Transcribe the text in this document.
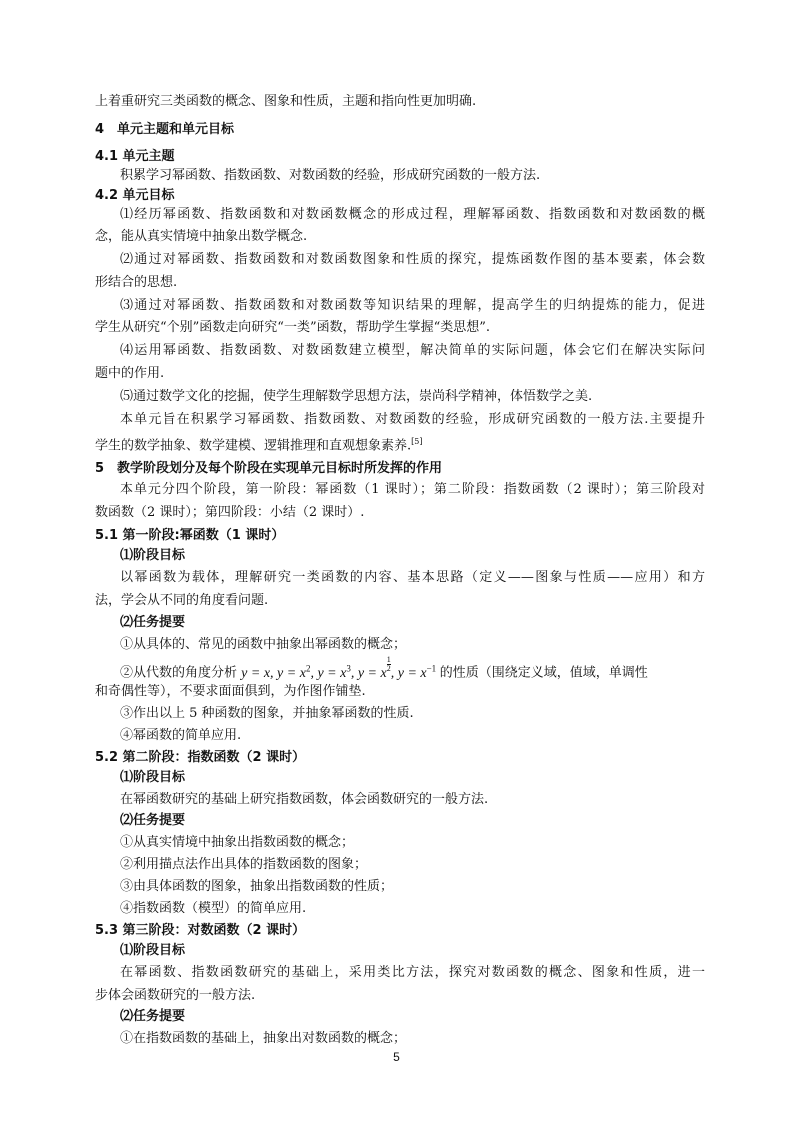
上着重研究三类函数的概念、图象和性质，主题和指向性更加明确.
4　单元主题和单元目标
4.1 单元主题
积累学习幂函数、指数函数、对数函数的经验，形成研究函数的一般方法.
4.2 单元目标
⑴经历幂函数、指数函数和对数函数概念的形成过程，理解幂函数、指数函数和对数函数的概
念，能从真实情境中抽象出数学概念.
⑵通过对幂函数、指数函数和对数函数图象和性质的探究，提炼函数作图的基本要素，体会数
形结合的思想.
⑶通过对幂函数、指数函数和对数函数等知识结果的理解，提高学生的归纳提炼的能力，促进
学生从研究“个别”函数走向研究“一类”函数，帮助学生掌握“类思想”.
⑷运用幂函数、指数函数、对数函数建立模型，解决简单的实际问题，体会它们在解决实际问
题中的作用.
⑸通过数学文化的挖掘，使学生理解数学思想方法，崇尚科学精神，体悟数学之美.
本单元旨在积累学习幂函数、指数函数、对数函数的经验，形成研究函数的一般方法.主要提升
学生的数学抽象、数学建模、逻辑推理和直观想象素养.[5]
5　教学阶段划分及每个阶段在实现单元目标时所发挥的作用
本单元分四个阶段，第一阶段：幂函数（1 课时）；第二阶段：指数函数（2 课时）；第三阶段对
数函数（2 课时）；第四阶段：小结（2 课时）.
5.1 第一阶段:幂函数（1 课时）
⑴阶段目标
以幂函数为载体，理解研究一类函数的内容、基本思路（定义——图象与性质——应用）和方
法，学会从不同的角度看问题.
⑵任务提要
①从具体的、常见的函数中抽象出幂函数的概念；
②从代数的角度分析 y = x, $y = x^2$, $y = x^3$, y = x
$\frac{1}{2}$
, $y = x^{-1}$ 的性质（围绕定义域，值域，单调性
和奇偶性等），不要求面面俱到，为作图作铺垫.
③作出以上 5 种函数的图象，并抽象幂函数的性质.
④幂函数的简单应用.
5.2 第二阶段：指数函数（2 课时）
⑴阶段目标
在幂函数研究的基础上研究指数函数，体会函数研究的一般方法.
⑵任务提要
①从真实情境中抽象出指数函数的概念；
②利用描点法作出具体的指数函数的图象；
③由具体函数的图象，抽象出指数函数的性质；
④指数函数（模型）的简单应用.
5.3 第三阶段：对数函数（2 课时）
⑴阶段目标
在幂函数、指数函数研究的基础上，采用类比方法，探究对数函数的概念、图象和性质，进一
步体会函数研究的一般方法.
⑵任务提要
①在指数函数的基础上，抽象出对数函数的概念；
5
